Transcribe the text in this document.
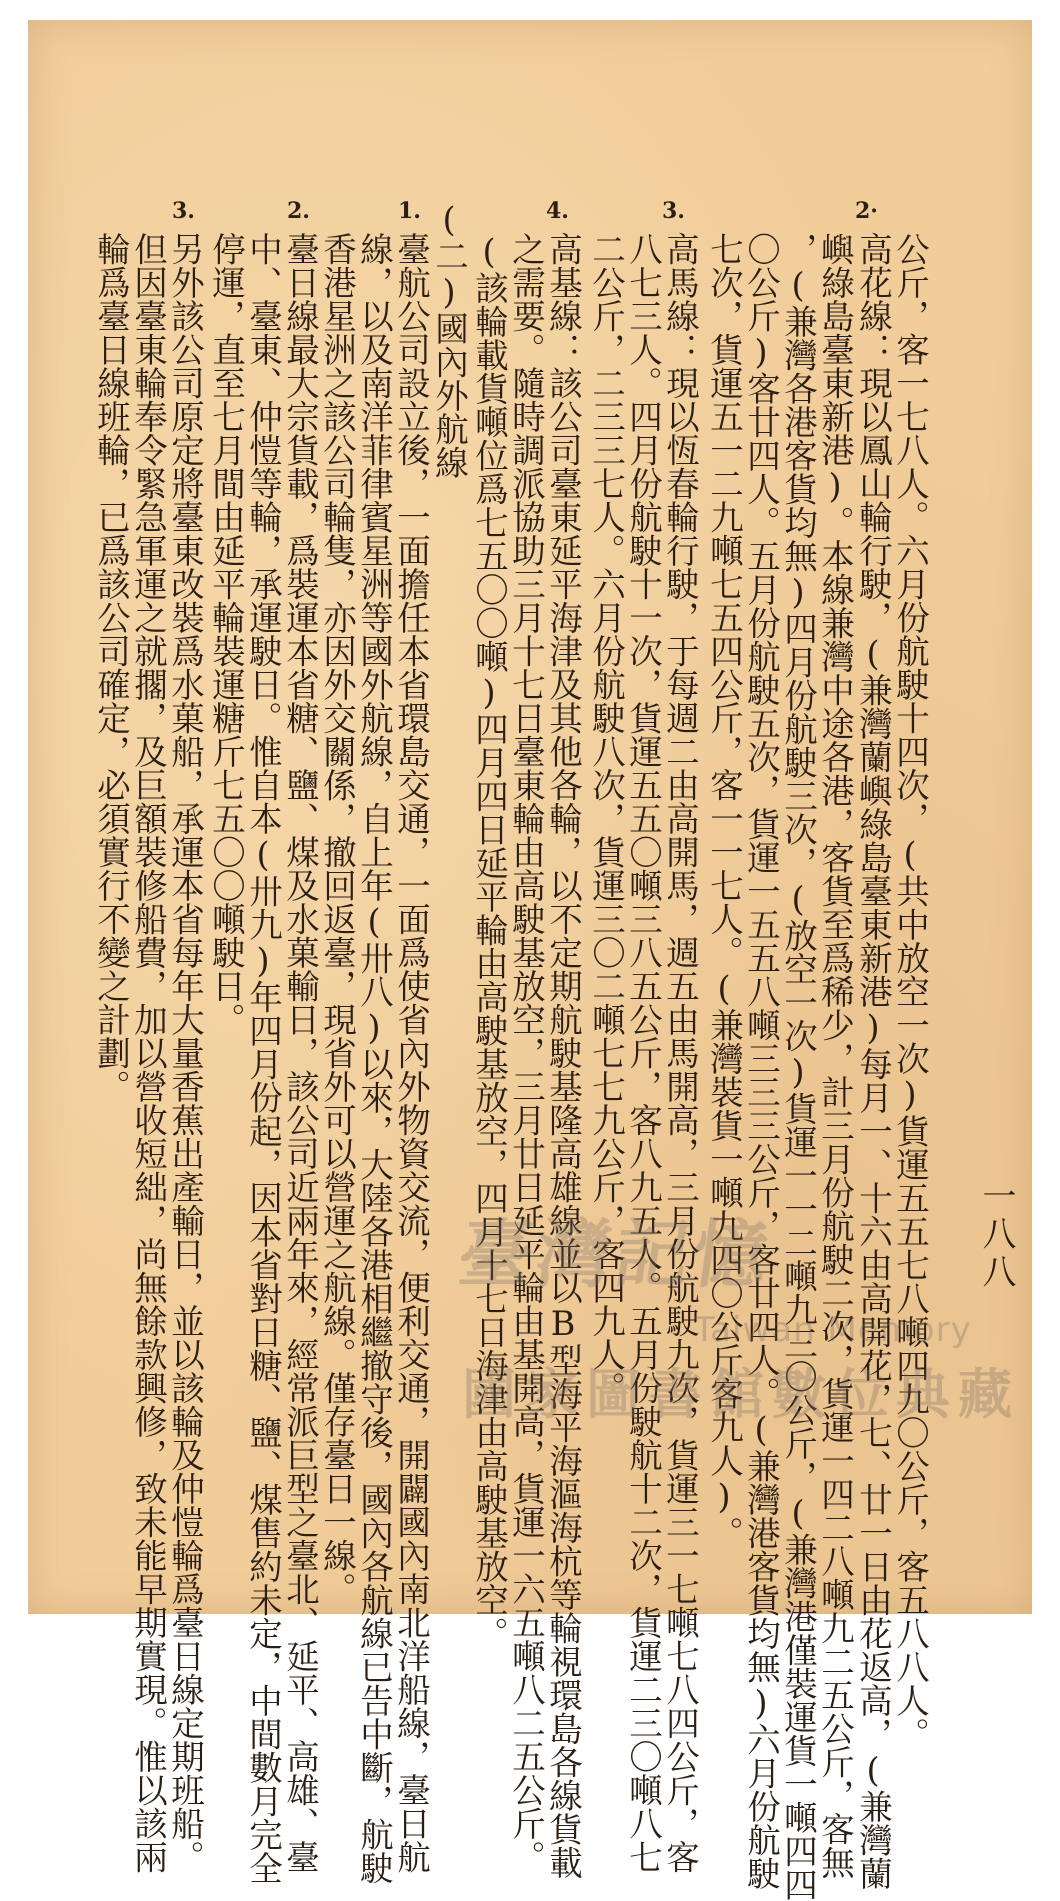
一八八
2·
3.
4.
(二)國內外航線
1.
2.
3.
公斤，客一七八人。六月份航駛十四次，(共中放空一次)貨運五五七八噸四九〇公斤，客五八八人。
高花線：現以鳳山輪行駛，(兼灣蘭嶼綠島臺東新港)每月一、十六由高開花，七、廿一日由花返高，(兼灣蘭
嶼綠島臺東新港)。本線兼灣中途各港，客貨至爲稀少，計三月份航駛二次，貨運一四二八噸九二五公斤，客無
，(兼灣各港客貨均無)四月份航駛三次，(放空一次)貨運一一二噸九三〇公斤，(兼灣港僅裝運貨一噸四四
〇公斤)客廿四人。五月份航駛五次，貨運一五五八噸三三三公斤，客廿四人。(兼灣港客貨均無)六月份航駛
七次，貨運五一二九噸七五四公斤，客一一七人。(兼灣裝貨一噸九四〇公斤客九人)。
高馬線：現以恆春輪行駛，于每週二由高開馬，週五由馬開高，三月份航駛九次，貨運三一七噸七八四公斤，客
八七三人。四月份航駛十一次，貨運五五〇噸三八五公斤，客八九五人。五月份駛航十二次，貨運二三〇噸八七
二公斤，二三三七人。六月份航駛八次，貨運三〇二噸七七九公斤，客四九人。
高基線：該公司臺東延平海津及其他各輪，以不定期航駛基隆高雄線並以B型海平海漚海杭等輪視環島各線貨載
之需要。隨時調派協助三月十七日臺東輪由高駛基放空，三月廿日延平輪由基開高，貨運一六五噸八二五公斤。
(該輪載貨噸位爲七五〇〇噸)四月四日延平輪由高駛基放空，四月十七日海津由高駛基放空。
臺航公司設立後，一面擔任本省環島交通，一面爲使省內外物資交流，便利交通，開闢國內南北洋船線，臺日航
線，以及南洋菲律賓星洲等國外航線，自上年(卅八)以來，大陸各港相繼撤守後，國內各航線已告中斷，航駛
香港星洲之該公司輪隻，亦因外交關係，撤回返臺，現省外可以營運之航線。僅存臺日一線。
臺日線最大宗貨載，爲裝運本省糖、鹽、煤及水菓輸日，該公司近兩年來，經常派巨型之臺北、延平、高雄、臺
中、臺東、仲愷等輪，承運駛日。惟自本(卅九)年四月份起，因本省對日糖、鹽、煤售約未定，中間數月完全
停運，直至七月間由延平輪裝運糖斤七五〇〇噸駛日。
另外該公司原定將臺東改裝爲水菓船，承運本省每年大量香蕉出產輸日，並以該輪及仲愷輪爲臺日線定期班船。
但因臺東輪奉令緊急軍運之就擱，及巨額裝修船費，加以營收短絀，尚無餘款興修，致未能早期實現。惟以該兩
輪爲臺日線班輪，已爲該公司確定，必須實行不變之計劃。
臺灣記憶
Taiwan Memory
國家圖書館數位典藏
